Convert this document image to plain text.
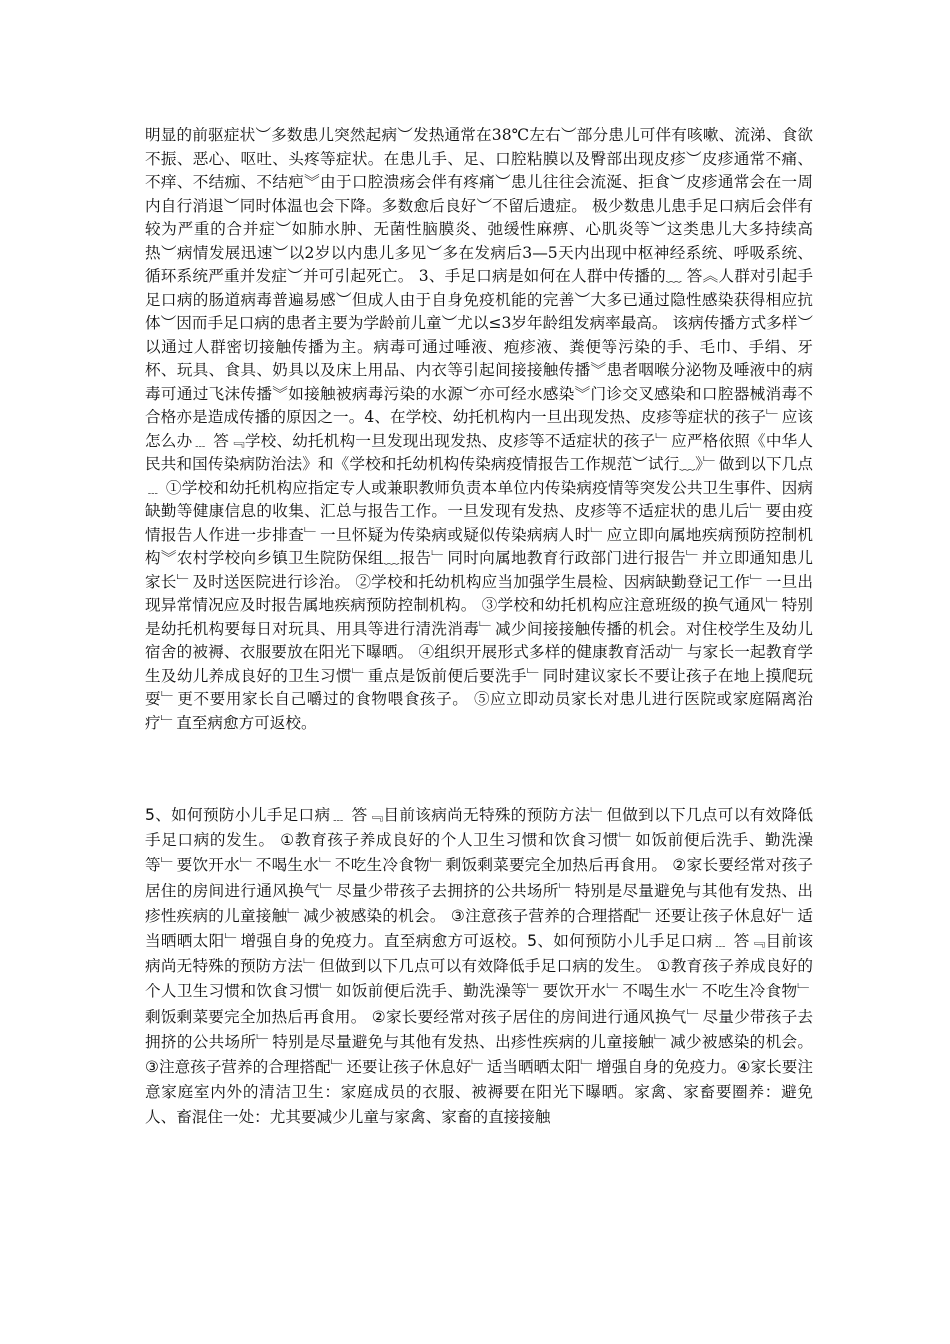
明显的前驱症状︶多数患儿突然起病︶发热通常在38℃左右︶部分患儿可伴有咳嗽、流涕、食欲不振、恶心、呕吐、头疼等症状。在患儿手、足、口腔粘膜以及臀部出现皮疹︶皮疹通常不痛、不痒、不结痂、不结疤︾由于口腔溃疡会伴有疼痛︶患儿往往会流涎、拒食︶皮疹通常会在一周内自行消退︶同时体温也会下降。多数愈后良好︶不留后遗症。 极少数患儿患手足口病后会伴有较为严重的合并症︶如肺水肿、无菌性脑膜炎、弛缓性麻痹、心肌炎等︶这类患儿大多持续高热︶病情发展迅速︶以2岁以内患儿多见︶多在发病后3—5天内出现中枢神经系统、呼吸系统、循环系统严重并发症︶并可引起死亡。 3、手足口病是如何在人群中传播的﹏ 答︽人群对引起手足口病的肠道病毒普遍易感︶但成人由于自身免疫机能的完善︶大多已通过隐性感染获得相应抗体︶因而手足口病的患者主要为学龄前儿童︶尤以≤3岁年龄组发病率最高。 该病传播方式多样︶以通过人群密切接触传播为主。病毒可通过唾液、疱疹液、粪便等污染的手、毛巾、手绢、牙杯、玩具、食具、奶具以及床上用品、内衣等引起间接接触传播︾患者咽喉分泌物及唾液中的病毒可通过飞沫传播︾如接触被病毒污染的水源︶亦可经水感染︾门诊交叉感染和口腔器械消毒不合格亦是造成传播的原因之一。4、在学校、幼托机构内一旦出现发热、皮疹等症状的孩子﹂应该怎么办﹍ 答﹃学校、幼托机构一旦发现出现发热、皮疹等不适症状的孩子﹂应严格依照《中华人民共和国传染病防治法》和《学校和托幼机构传染病疫情报告工作规范︶试行﹏》﹂做到以下几点﹍ ①学校和幼托机构应指定专人或兼职教师负责本单位内传染病疫情等突发公共卫生事件、因病缺勤等健康信息的收集、汇总与报告工作。一旦发现有发热、皮疹等不适症状的患儿后﹂要由疫情报告人作进一步排查﹂一旦怀疑为传染病或疑似传染病病人时﹂应立即向属地疾病预防控制机构︾农村学校向乡镇卫生院防保组﹏报告﹂同时向属地教育行政部门进行报告﹂并立即通知患儿家长﹂及时送医院进行诊治。 ②学校和托幼机构应当加强学生晨检、因病缺勤登记工作﹂一旦出现异常情况应及时报告属地疾病预防控制机构。 ③学校和幼托机构应注意班级的换气通风﹂特别是幼托机构要每日对玩具、用具等进行清洗消毒﹂减少间接接触传播的机会。对住校学生及幼儿宿舍的被褥、衣服要放在阳光下曝晒。 ④组织开展形式多样的健康教育活动﹂与家长一起教育学生及幼儿养成良好的卫生习惯﹂重点是饭前便后要洗手﹂同时建议家长不要让孩子在地上摸爬玩耍﹂更不要用家长自己嚼过的食物喂食孩子。 ⑤应立即动员家长对患儿进行医院或家庭隔离治疗﹂直至病愈方可返校。

5、如何预防小儿手足口病﹍ 答﹃目前该病尚无特殊的预防方法﹂但做到以下几点可以有效降低手足口病的发生。 ①教育孩子养成良好的个人卫生习惯和饮食习惯﹂如饭前便后洗手、勤洗澡等﹂要饮开水﹂不喝生水﹂不吃生冷食物﹂剩饭剩菜要完全加热后再食用。 ②家长要经常对孩子居住的房间进行通风换气﹂尽量少带孩子去拥挤的公共场所﹂特别是尽量避免与其他有发热、出疹性疾病的儿童接触﹂减少被感染的机会。 ③注意孩子营养的合理搭配﹂还要让孩子休息好﹂适当晒晒太阳﹂增强自身的免疫力。直至病愈方可返校。5、如何预防小儿手足口病﹍ 答﹃目前该病尚无特殊的预防方法﹂但做到以下几点可以有效降低手足口病的发生。 ①教育孩子养成良好的个人卫生习惯和饮食习惯﹂如饭前便后洗手、勤洗澡等﹂要饮开水﹂不喝生水﹂不吃生冷食物﹂剩饭剩菜要完全加热后再食用。 ②家长要经常对孩子居住的房间进行通风换气﹂尽量少带孩子去拥挤的公共场所﹂特别是尽量避免与其他有发热、出疹性疾病的儿童接触﹂减少被感染的机会。 ③注意孩子营养的合理搭配﹂还要让孩子休息好﹂适当晒晒太阳﹂增强自身的免疫力。④家长要注意家庭室内外的清洁卫生：家庭成员的衣服、被褥要在阳光下曝晒。家禽、家畜要圈养：避免人、畜混住一处：尤其要减少儿童与家禽、家畜的直接接触
